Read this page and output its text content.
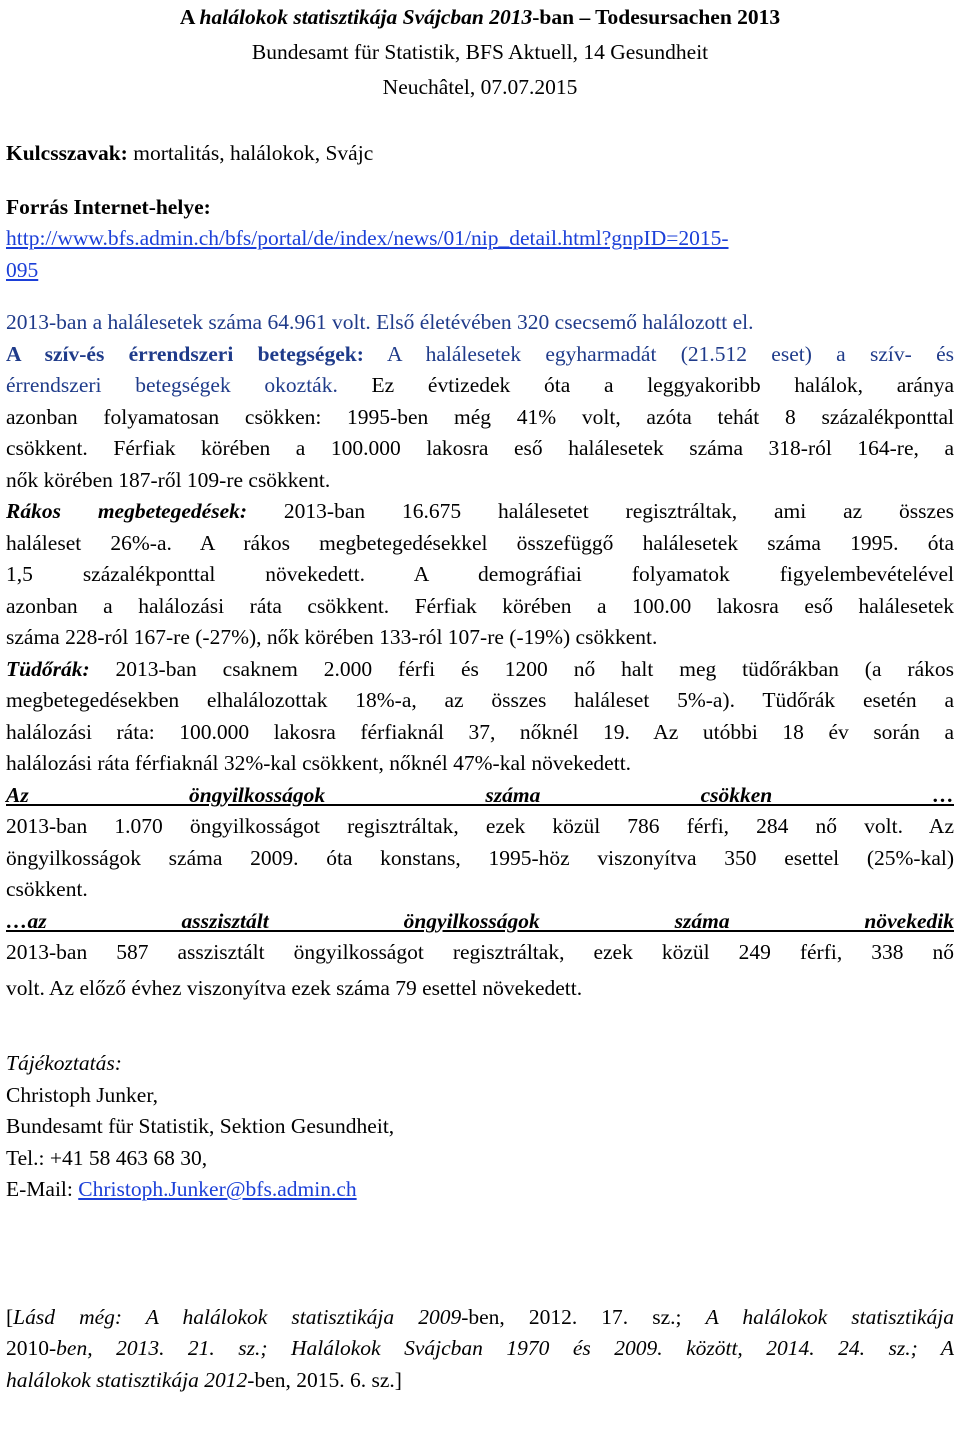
A halálokok statisztikája Svájcban 2013-ban – Todesursachen 2013
Bundesamt für Statistik, BFS Aktuell, 14 Gesundheit
Neuchâtel, 07.07.2015
Kulcsszavak: mortalitás, halálokok, Svájc
Forrás Internet-helye:
http://www.bfs.admin.ch/bfs/portal/de/index/news/01/nip_detail.html?gnpID=2015-
095
2013-ban a halálesetek száma 64.961 volt. Első életévében 320 csecsemő halálozott el.
A szív-és érrendszeri betegségek: A halálesetek egyharmadát (21.512 eset) a szív- és
érrendszeri betegségek okozták. Ez évtizedek óta a leggyakoribb halálok, aránya
azonban folyamatosan csökken: 1995-ben még 41% volt, azóta tehát 8 százalékponttal
csökkent. Férfiak körében a 100.000 lakosra eső halálesetek száma 318-ról 164-re, a
nők körében 187-ről 109-re csökkent.
Rákos megbetegedések: 2013-ban 16.675 halálesetet regisztráltak, ami az összes
haláleset 26%-a. A rákos megbetegedésekkel összefüggő halálesetek száma 1995. óta
1,5 százalékponttal növekedett. A demográfiai folyamatok figyelembevételével
azonban a halálozási ráta csökkent. Férfiak körében a 100.00 lakosra eső halálesetek
száma 228-ról 167-re (-27%), nők körében 133-ról 107-re (-19%) csökkent.
Tüdőrák: 2013-ban csaknem 2.000 férfi és 1200 nő halt meg tüdőrákban (a rákos
megbetegedésekben elhalálozottak 18%-a, az összes haláleset 5%-a). Tüdőrák esetén a
halálozási ráta: 100.000 lakosra férfiaknál 37, nőknél 19. Az utóbbi 18 év során a
halálozási ráta férfiaknál 32%-kal csökkent, nőknél 47%-kal növekedett.
Az öngyilkosságok száma csökken …
2013-ban 1.070 öngyilkosságot regisztráltak, ezek közül 786 férfi, 284 nő volt. Az
öngyilkosságok száma 2009. óta konstans, 1995-höz viszonyítva 350 esettel (25%-kal)
csökkent.
…az asszisztált öngyilkosságok száma növekedik
2013-ban 587 asszisztált öngyilkosságot regisztráltak, ezek közül 249 férfi, 338 nő
volt. Az előző évhez viszonyítva ezek száma 79 esettel növekedett.
Tájékoztatás:
Christoph Junker,
Bundesamt für Statistik, Sektion Gesundheit,
Tel.: +41 58 463 68 30,
E-Mail: Christoph.Junker@bfs.admin.ch
[Lásd még: A halálokok statisztikája 2009-ben, 2012. 17. sz.; A halálokok statisztikája
2010-ben, 2013. 21. sz.; Halálokok Svájcban 1970 és 2009. között, 2014. 24. sz.; A
halálokok statisztikája 2012-ben, 2015. 6. sz.]
